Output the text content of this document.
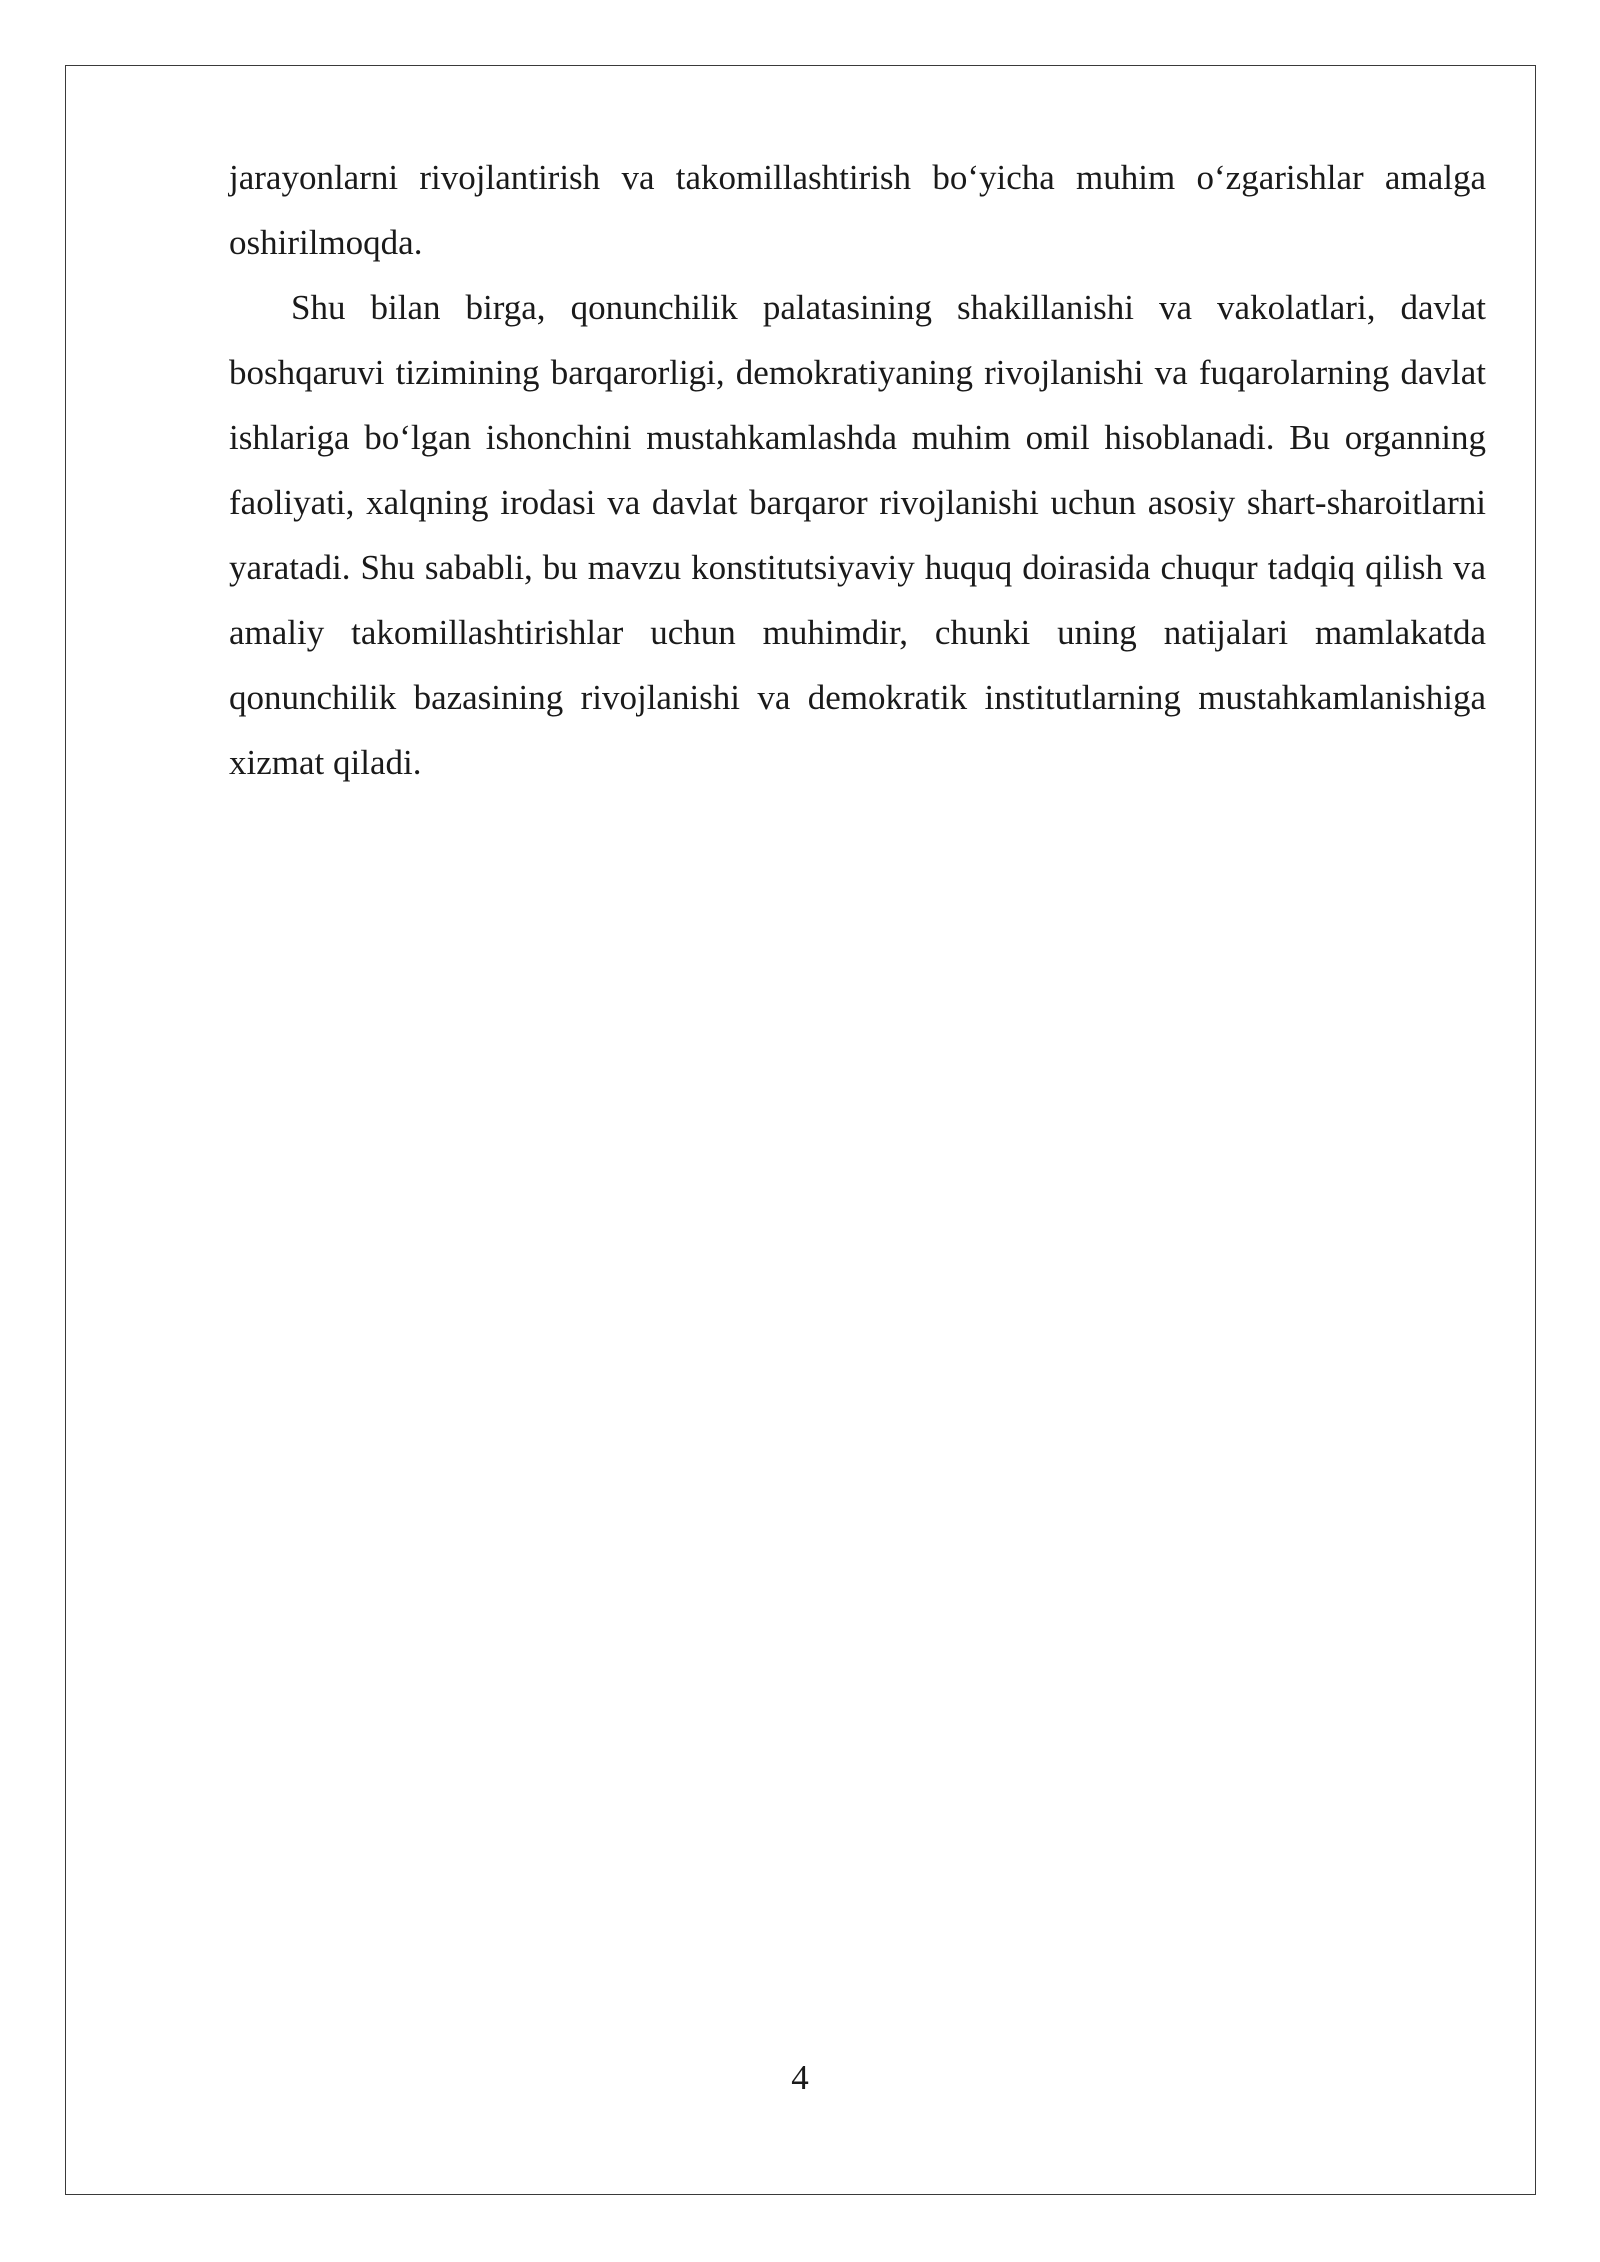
jarayonlarni rivojlantirish va takomillashtirish bo‘yicha muhim o‘zgarishlar amalga oshirilmoqda.

Shu bilan birga, qonunchilik palatasining shakillanishi va vakolatlari, davlat boshqaruvi tizimining barqarorligi, demokratiyaning rivojlanishi va fuqarolarning davlat ishlariga bo‘lgan ishonchini mustahkamlashda muhim omil hisoblanadi. Bu organning faoliyati, xalqning irodasi va davlat barqaror rivojlanishi uchun asosiy shart-sharoitlarni yaratadi. Shu sababli, bu mavzu konstitutsiyaviy huquq doirasida chuqur tadqiq qilish va amaliy takomillashtirishlar uchun muhimdir, chunki uning natijalari mamlakatda qonunchilik bazasining rivojlanishi va demokratik institutlarning mustahkamlanishiga xizmat qiladi.

4
